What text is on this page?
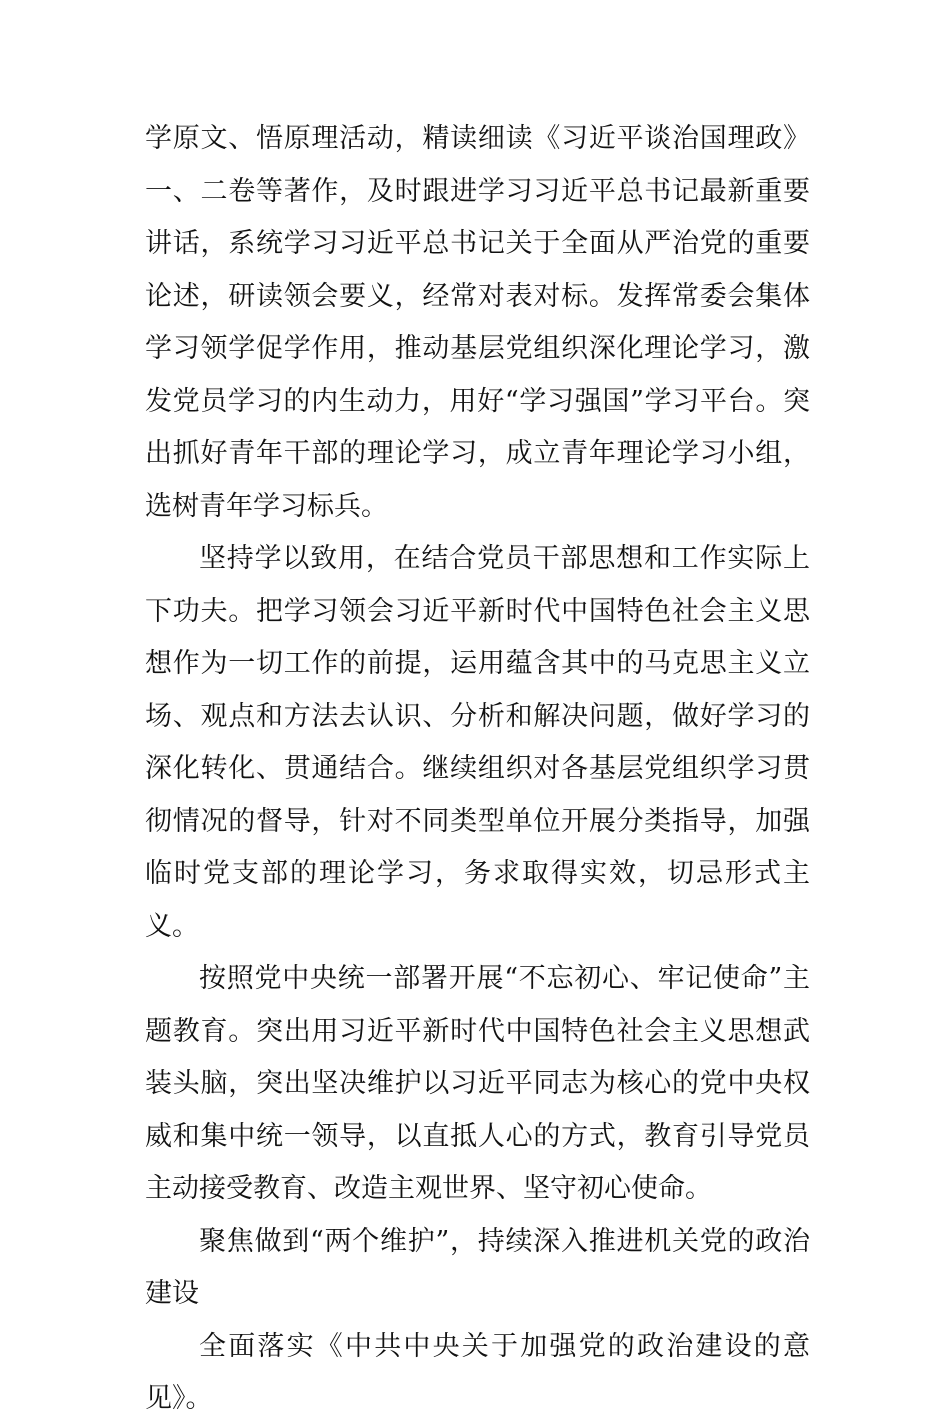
学原文、悟原理活动，精读细读《习近平谈治国理政》一、二卷等著作，及时跟进学习习近平总书记最新重要讲话，系统学习习近平总书记关于全面从严治党的重要论述，研读领会要义，经常对表对标。发挥常委会集体学习领学促学作用，推动基层党组织深化理论学习，激发党员学习的内生动力，用好“学习强国”学习平台。突出抓好青年干部的理论学习，成立青年理论学习小组，选树青年学习标兵。

坚持学以致用，在结合党员干部思想和工作实际上下功夫。把学习领会习近平新时代中国特色社会主义思想作为一切工作的前提，运用蕴含其中的马克思主义立场、观点和方法去认识、分析和解决问题，做好学习的深化转化、贯通结合。继续组织对各基层党组织学习贯彻情况的督导，针对不同类型单位开展分类指导，加强临时党支部的理论学习，务求取得实效，切忌形式主义。

按照党中央统一部署开展“不忘初心、牢记使命”主题教育。突出用习近平新时代中国特色社会主义思想武装头脑，突出坚决维护以习近平同志为核心的党中央权威和集中统一领导，以直抵人心的方式，教育引导党员主动接受教育、改造主观世界、坚守初心使命。

聚焦做到“两个维护”，持续深入推进机关党的政治建设

全面落实《中共中央关于加强党的政治建设的意见》。
